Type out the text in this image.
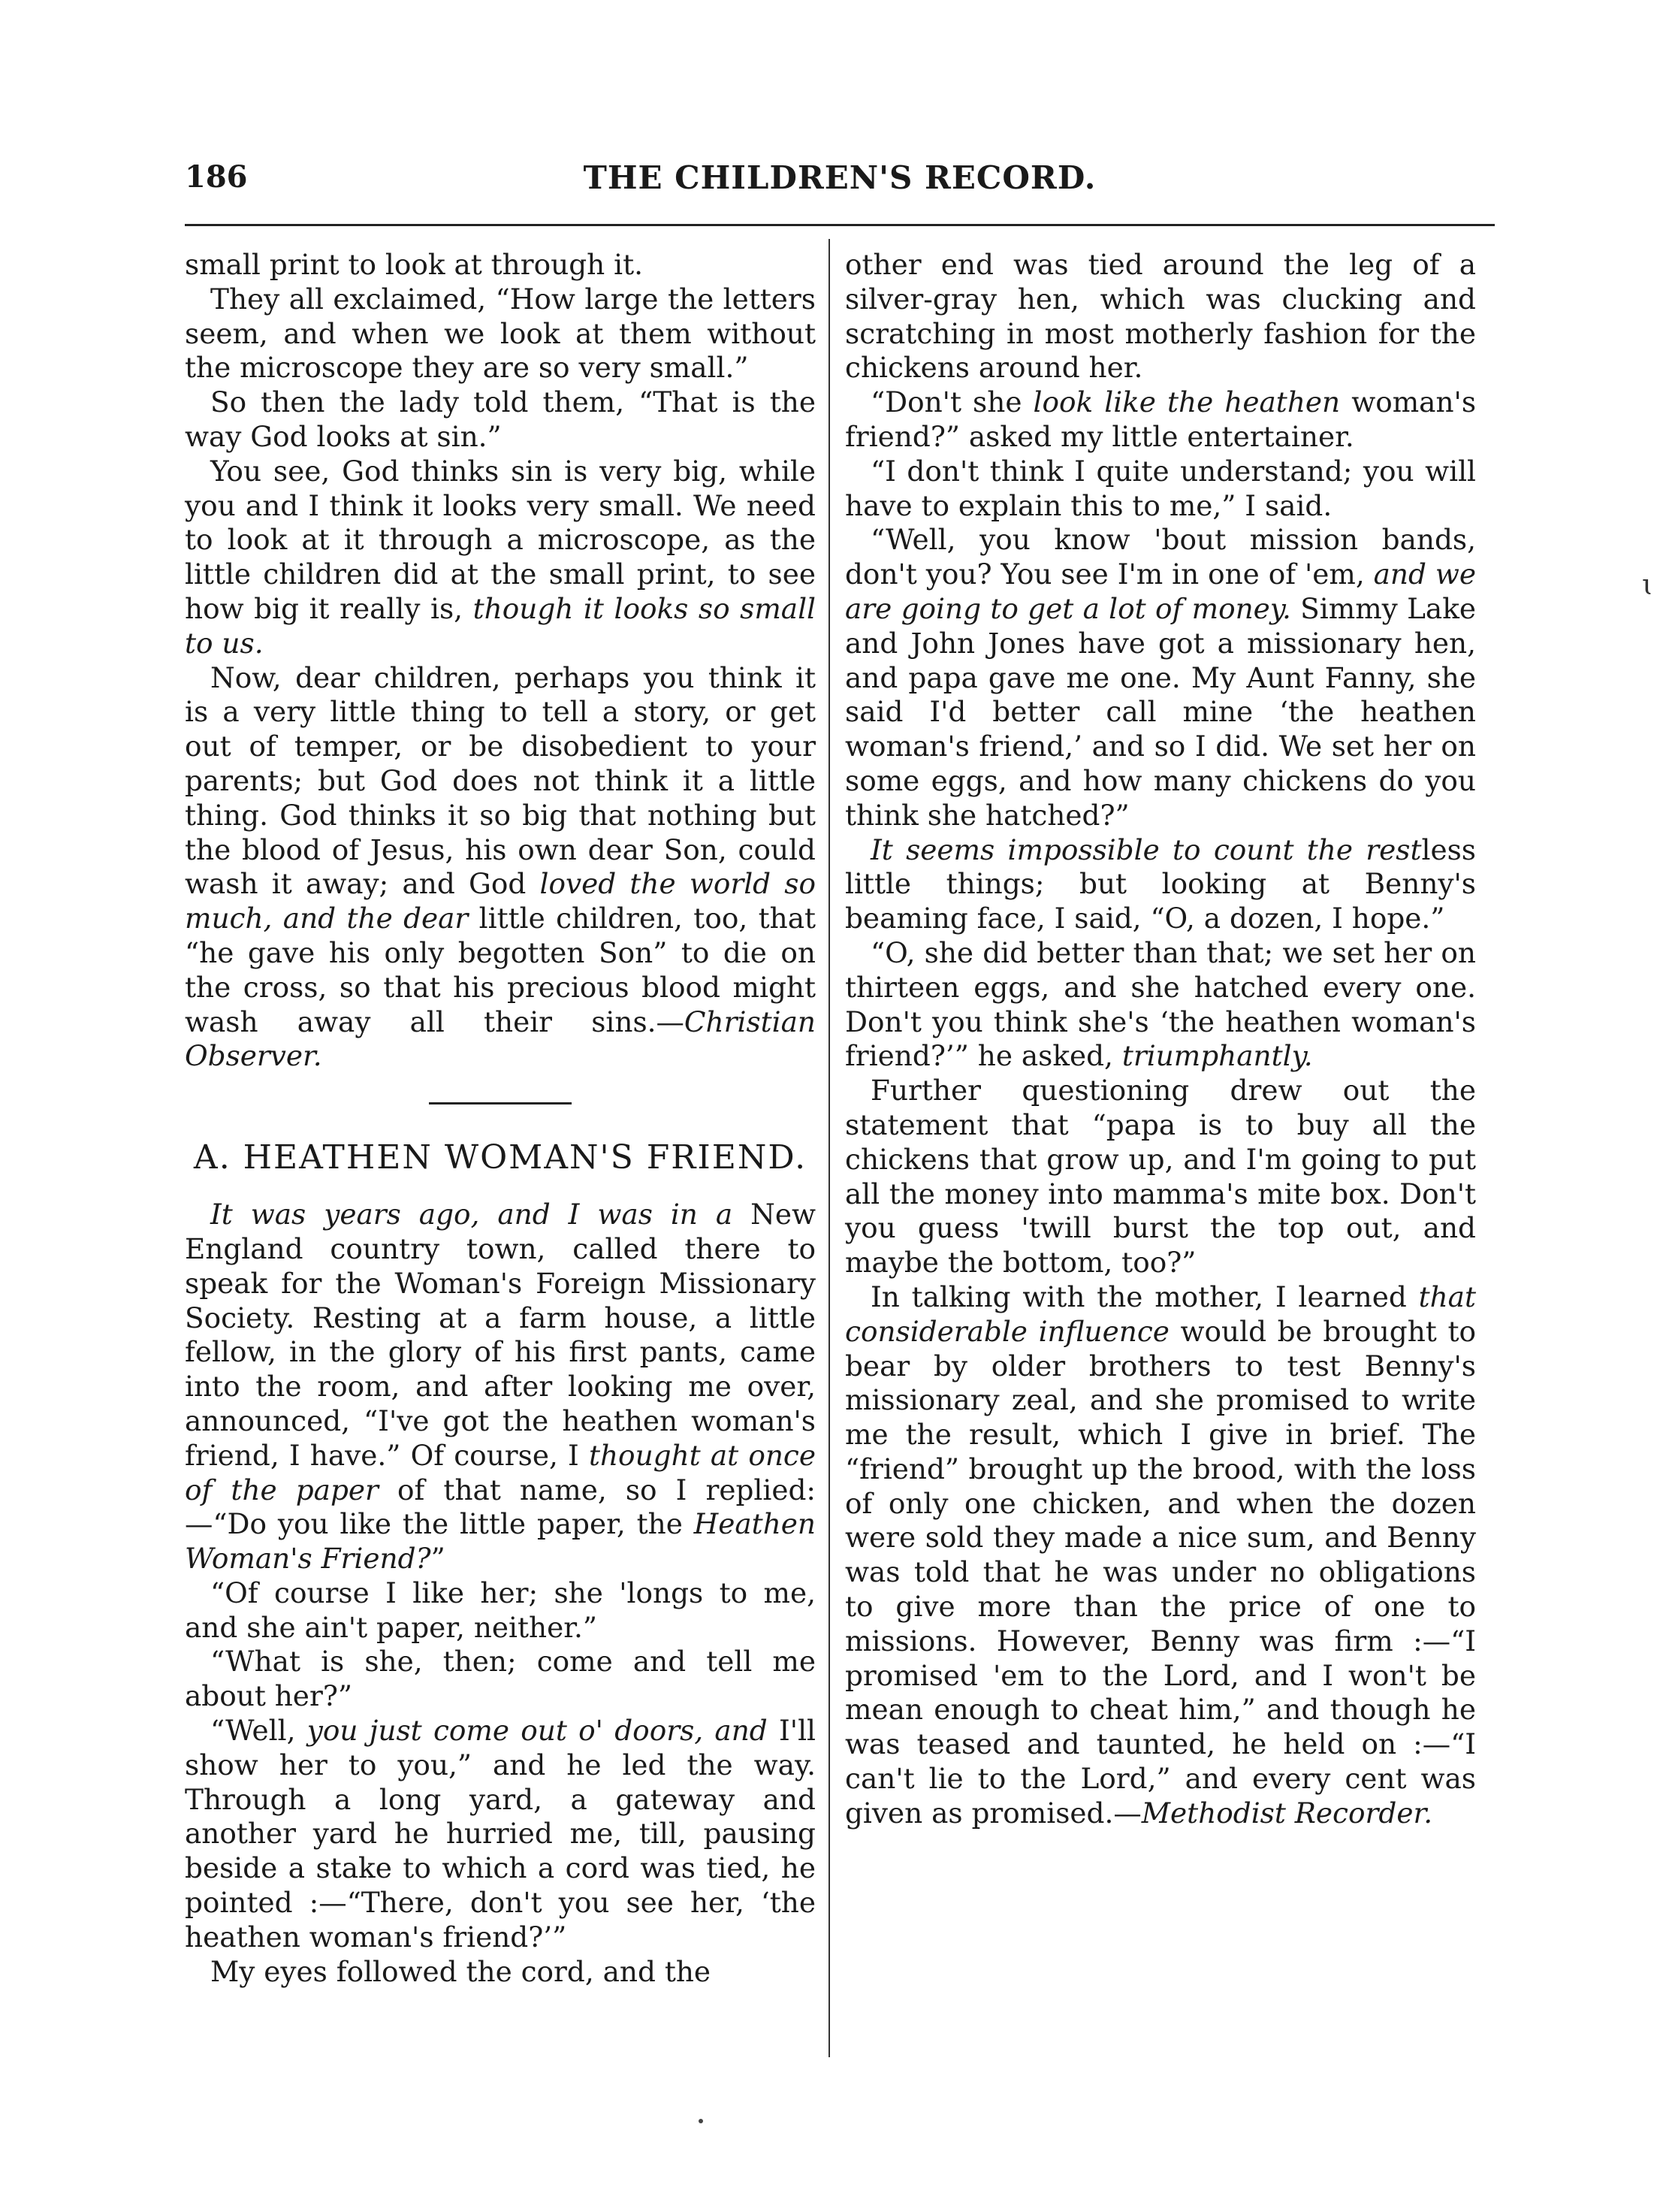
186	THE CHILDREN'S RECORD.

small print to look at through it.

They all exclaimed, “How large the letters seem, and when we look at them without the microscope they are so very small.”

So then the lady told them, “That is the way God looks at sin.”

You see, God thinks sin is very big, while you and I think it looks very small. We need to look at it through a microscope, as the little children did at the small print, to see how big it really is, though it looks so small to us.

Now, dear children, perhaps you think it is a very little thing to tell a story, or get out of temper, or be disobedient to your parents; but God does not think it a little thing. God thinks it so big that nothing but the blood of Jesus, his own dear Son, could wash it away; and God loved the world so much, and the dear little children, too, that “he gave his only begotten Son” to die on the cross, so that his precious blood might wash away all their sins.—Christian Observer.

A. HEATHEN WOMAN'S FRIEND.

It was years ago, and I was in a New England country town, called there to speak for the Woman's Foreign Missionary Society. Resting at a farm house, a little fellow, in the glory of his first pants, came into the room, and after looking me over, announced, “I've got the heathen woman's friend, I have.” Of course, I thought at once of the paper of that name, so I replied:—“Do you like the little paper, the Heathen Woman's Friend?”

“Of course I like her; she 'longs to me, and she ain't paper, neither.”

“What is she, then; come and tell me about her?”

“Well, you just come out o' doors, and I'll show her to you,” and he led the way. Through a long yard, a gateway and another yard he hurried me, till, pausing beside a stake to which a cord was tied, he pointed :—“There, don't you see her, ‘the heathen woman's friend?’”

My eyes followed the cord, and the

other end was tied around the leg of a silver-gray hen, which was clucking and scratching in most motherly fashion for the chickens around her.

“Don't she look like the heathen woman's friend?” asked my little entertainer.

“I don't think I quite understand; you will have to explain this to me,” I said.

“Well, you know 'bout mission bands, don't you? You see I'm in one of 'em, and we are going to get a lot of money. Simmy Lake and John Jones have got a missionary hen, and papa gave me one. My Aunt Fanny, she said I'd better call mine ‘the heathen woman's friend,’ and so I did. We set her on some eggs, and how many chickens do you think she hatched?”

It seems impossible to count the restless little things; but looking at Benny's beaming face, I said, “O, a dozen, I hope.”

“O, she did better than that; we set her on thirteen eggs, and she hatched every one. Don't you think she's ‘the heathen woman's friend?’” he asked, triumphantly.

Further questioning drew out the statement that “papa is to buy all the chickens that grow up, and I'm going to put all the money into mamma's mite box. Don't you guess 'twill burst the top out, and maybe the bottom, too?”

In talking with the mother, I learned that considerable influence would be brought to bear by older brothers to test Benny's missionary zeal, and she promised to write me the result, which I give in brief. The “friend” brought up the brood, with the loss of only one chicken, and when the dozen were sold they made a nice sum, and Benny was told that he was under no obligations to give more than the price of one to missions. However, Benny was firm :—“I promised 'em to the Lord, and I won't be mean enough to cheat him,” and though he was teased and taunted, he held on :—“I can't lie to the Lord,” and every cent was given as promised.—Methodist Recorder.

ɩ
